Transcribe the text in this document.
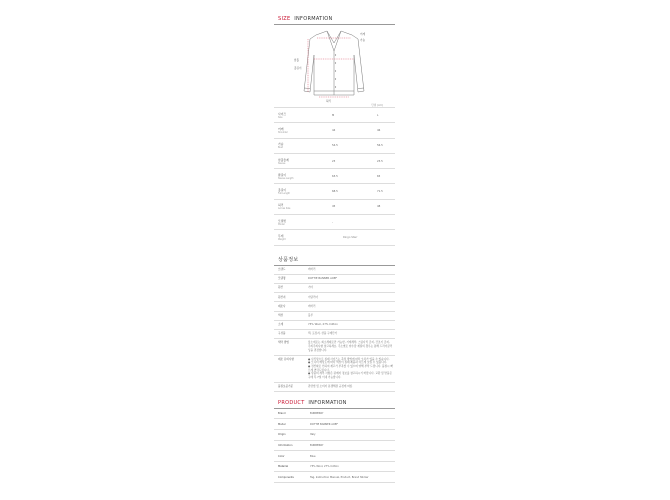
SIZE INFORMATION
어깨
가슴
암홀
총길이
허리
단위 (cm)
사이즈
Size	M	L

어깨
Shoulder	44	46

가슴
Bust	54.5	56.5

암홀둘레
Sleeve	23	23.5

팔길이
Sleeve Length	63.5	65

총길이
Full Length	68.5	71.5

허리
Across Size	45	48

모델컷
Model	-	

무게
Weight	Ringo Starr	
상품정보
브랜드	버버리
모델명	DOTTIE BANNER AOEF
원산	기타
원산지	이탈리아
제조사	버버리
색상	블루
소재	73% Wool, 27% Cotton
구성품	택, 포장지, 상품 구매단가
세탁 방법	울소재로는 회소세제로만 가능함, 기계세탁, 스팀다리 금지, 건조기 금지, 주의주의사항 참고하세요. 주소별로 양수량 재질의 경우는 통해 드라이클리닝을 권장합니다.
제조 유의사항	● 사진상으로 실제 사이즈는 측정 방법에 따라 오차가 있을 수 있습니다.
● 모니터 해상도에 따라 색상이 실제 제품과 다르게 보일 수 있습니다.
● 전산화로 인하여 재고가 부족할 수 있으며 양해 부탁 드립니다. 품절시 빠르게 연락드립니다.
● 상품의 세부 사항은 판매자 정보를 참고하시기 바랍니다. 교환 및 반품은 구매 후 7일 이내 가능합니다.

품질보증기준	관련법 및 소비자 분쟁해결 규정에 따름
PRODUCT INFORMATION
Brand	BURBERRY
Model	DOTTIE BANNER AOEF
Origin	Italy
Information	BURBERRY
Color	Blue
Material	73% Wool, 27% Cotton
Components	Tag, Instruction Manual, Product, Brand Sticker
